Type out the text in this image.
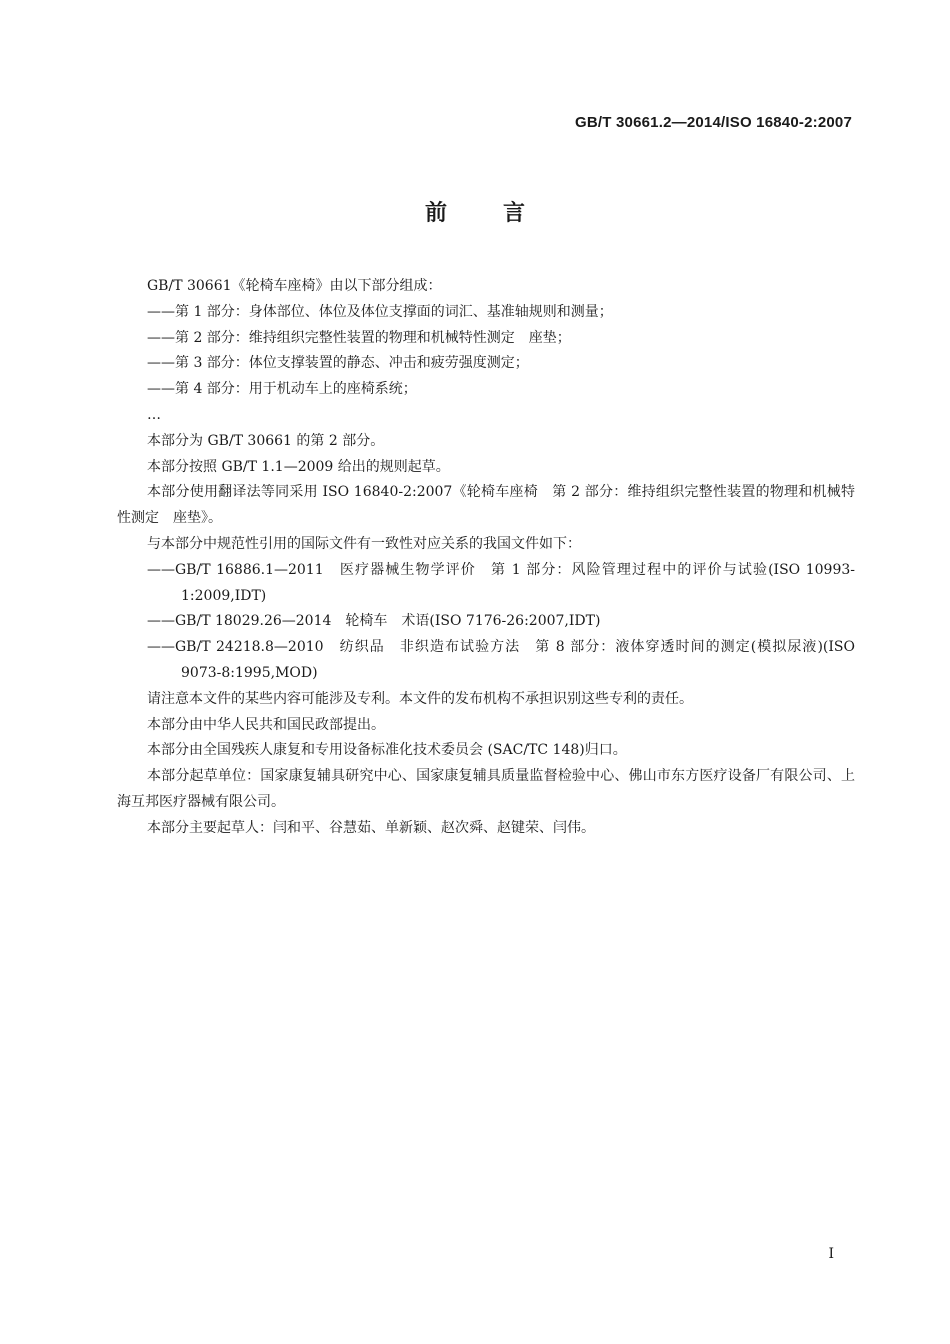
GB/T 30661.2—2014/ISO 16840-2:2007
前言

GB/T 30661《轮椅车座椅》由以下部分组成：

——第 1 部分：身体部位、体位及体位支撑面的词汇、基准轴规则和测量；

——第 2 部分：维持组织完整性装置的物理和机械特性测定　座垫；

——第 3 部分：体位支撑装置的静态、冲击和疲劳强度测定；

——第 4 部分：用于机动车上的座椅系统；

…

本部分为 GB/T 30661 的第 2 部分。

本部分按照 GB/T 1.1—2009 给出的规则起草。

本部分使用翻译法等同采用 ISO 16840-2:2007《轮椅车座椅　第 2 部分：维持组织完整性装置的物理和机械特性测定　座垫》。

与本部分中规范性引用的国际文件有一致性对应关系的我国文件如下：

——GB/T 16886.1—2011　医疗器械生物学评价　第 1 部分：风险管理过程中的评价与试验(ISO 10993-1:2009,IDT)

——GB/T 18029.26—2014　轮椅车　术语(ISO 7176-26:2007,IDT)

——GB/T 24218.8—2010　纺织品　非织造布试验方法　第 8 部分：液体穿透时间的测定(模拟尿液)(ISO 9073-8:1995,MOD)

请注意本文件的某些内容可能涉及专利。本文件的发布机构不承担识别这些专利的责任。

本部分由中华人民共和国民政部提出。

本部分由全国残疾人康复和专用设备标准化技术委员会 (SAC/TC 148)归口。

本部分起草单位：国家康复辅具研究中心、国家康复辅具质量监督检验中心、佛山市东方医疗设备厂有限公司、上海互邦医疗器械有限公司。

本部分主要起草人：闫和平、谷慧茹、单新颖、赵次舜、赵键荣、闫伟。

I
